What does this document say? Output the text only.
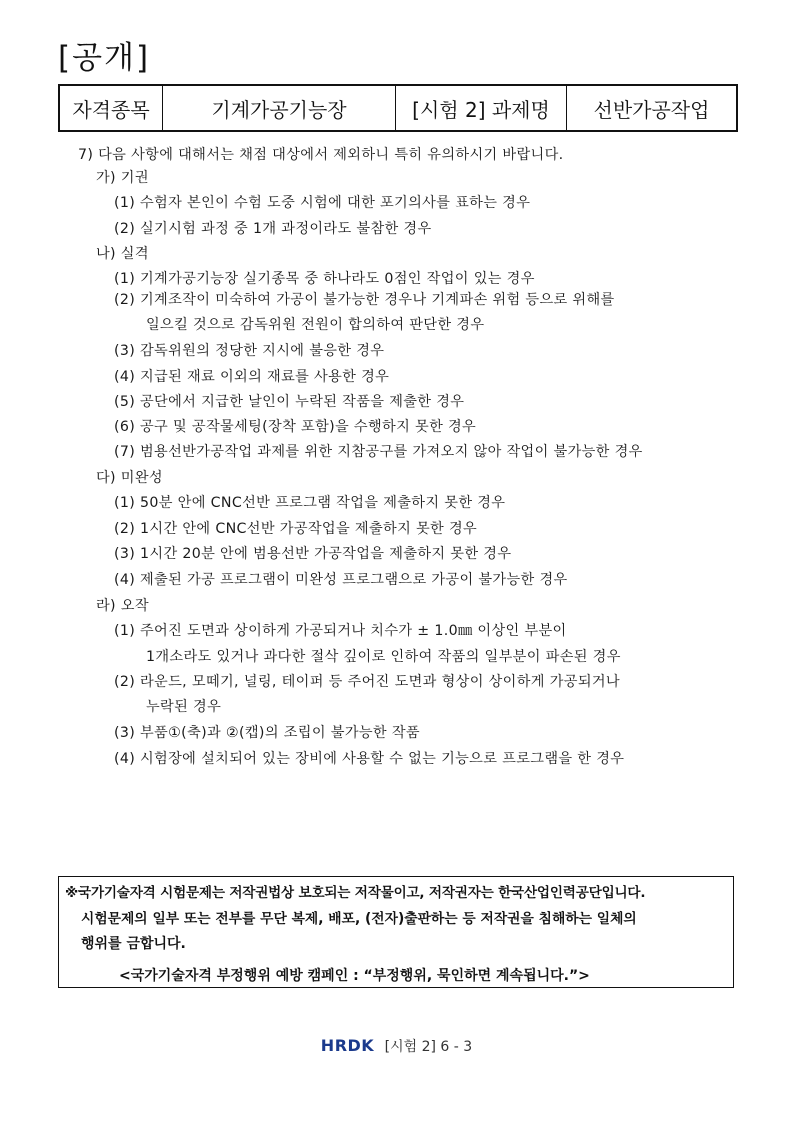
[공개]
자격종목	기계가공기능장	[시험 2] 과제명	선반가공작업
7) 다음 사항에 대해서는 채점 대상에서 제외하니 특히 유의하시기 바랍니다.
가) 기권
(1) 수험자 본인이 수험 도중 시험에 대한 포기의사를 표하는 경우
(2) 실기시험 과정 중 1개 과정이라도 불참한 경우
나) 실격
(1) 기계가공기능장 실기종목 중 하나라도 0점인 작업이 있는 경우
(2) 기계조작이 미숙하여 가공이 불가능한 경우나 기계파손 위험 등으로 위해를
일으킬 것으로 감독위원 전원이 합의하여 판단한 경우
(3) 감독위원의 정당한 지시에 불응한 경우
(4) 지급된 재료 이외의 재료를 사용한 경우
(5) 공단에서 지급한 날인이 누락된 작품을 제출한 경우
(6) 공구 및 공작물세팅(장착 포함)을 수행하지 못한 경우
(7) 범용선반가공작업 과제를 위한 지참공구를 가져오지 않아 작업이 불가능한 경우
다) 미완성
(1) 50분 안에 CNC선반 프로그램 작업을 제출하지 못한 경우
(2) 1시간 안에 CNC선반 가공작업을 제출하지 못한 경우
(3) 1시간 20분 안에 범용선반 가공작업을 제출하지 못한 경우
(4) 제출된 가공 프로그램이 미완성 프로그램으로 가공이 불가능한 경우
라) 오작
(1) 주어진 도면과 상이하게 가공되거나 치수가 ± 1.0㎜ 이상인 부분이
1개소라도 있거나 과다한 절삭 깊이로 인하여 작품의 일부분이 파손된 경우
(2) 라운드, 모떼기, 널링, 테이퍼 등 주어진 도면과 형상이 상이하게 가공되거나
누락된 경우
(3) 부품①(축)과 ②(캡)의 조립이 불가능한 작품
(4) 시험장에 설치되어 있는 장비에 사용할 수 없는 기능으로 프로그램을 한 경우
※국가기술자격 시험문제는 저작권법상 보호되는 저작물이고, 저작권자는 한국산업인력공단입니다.
시험문제의 일부 또는 전부를 무단 복제, 배포, (전자)출판하는 등 저작권을 침해하는 일체의
행위를 금합니다.
<국가기술자격 부정행위 예방 캠페인 : “부정행위, 묵인하면 계속됩니다.”>
HRDK [시험 2] 6 - 3
